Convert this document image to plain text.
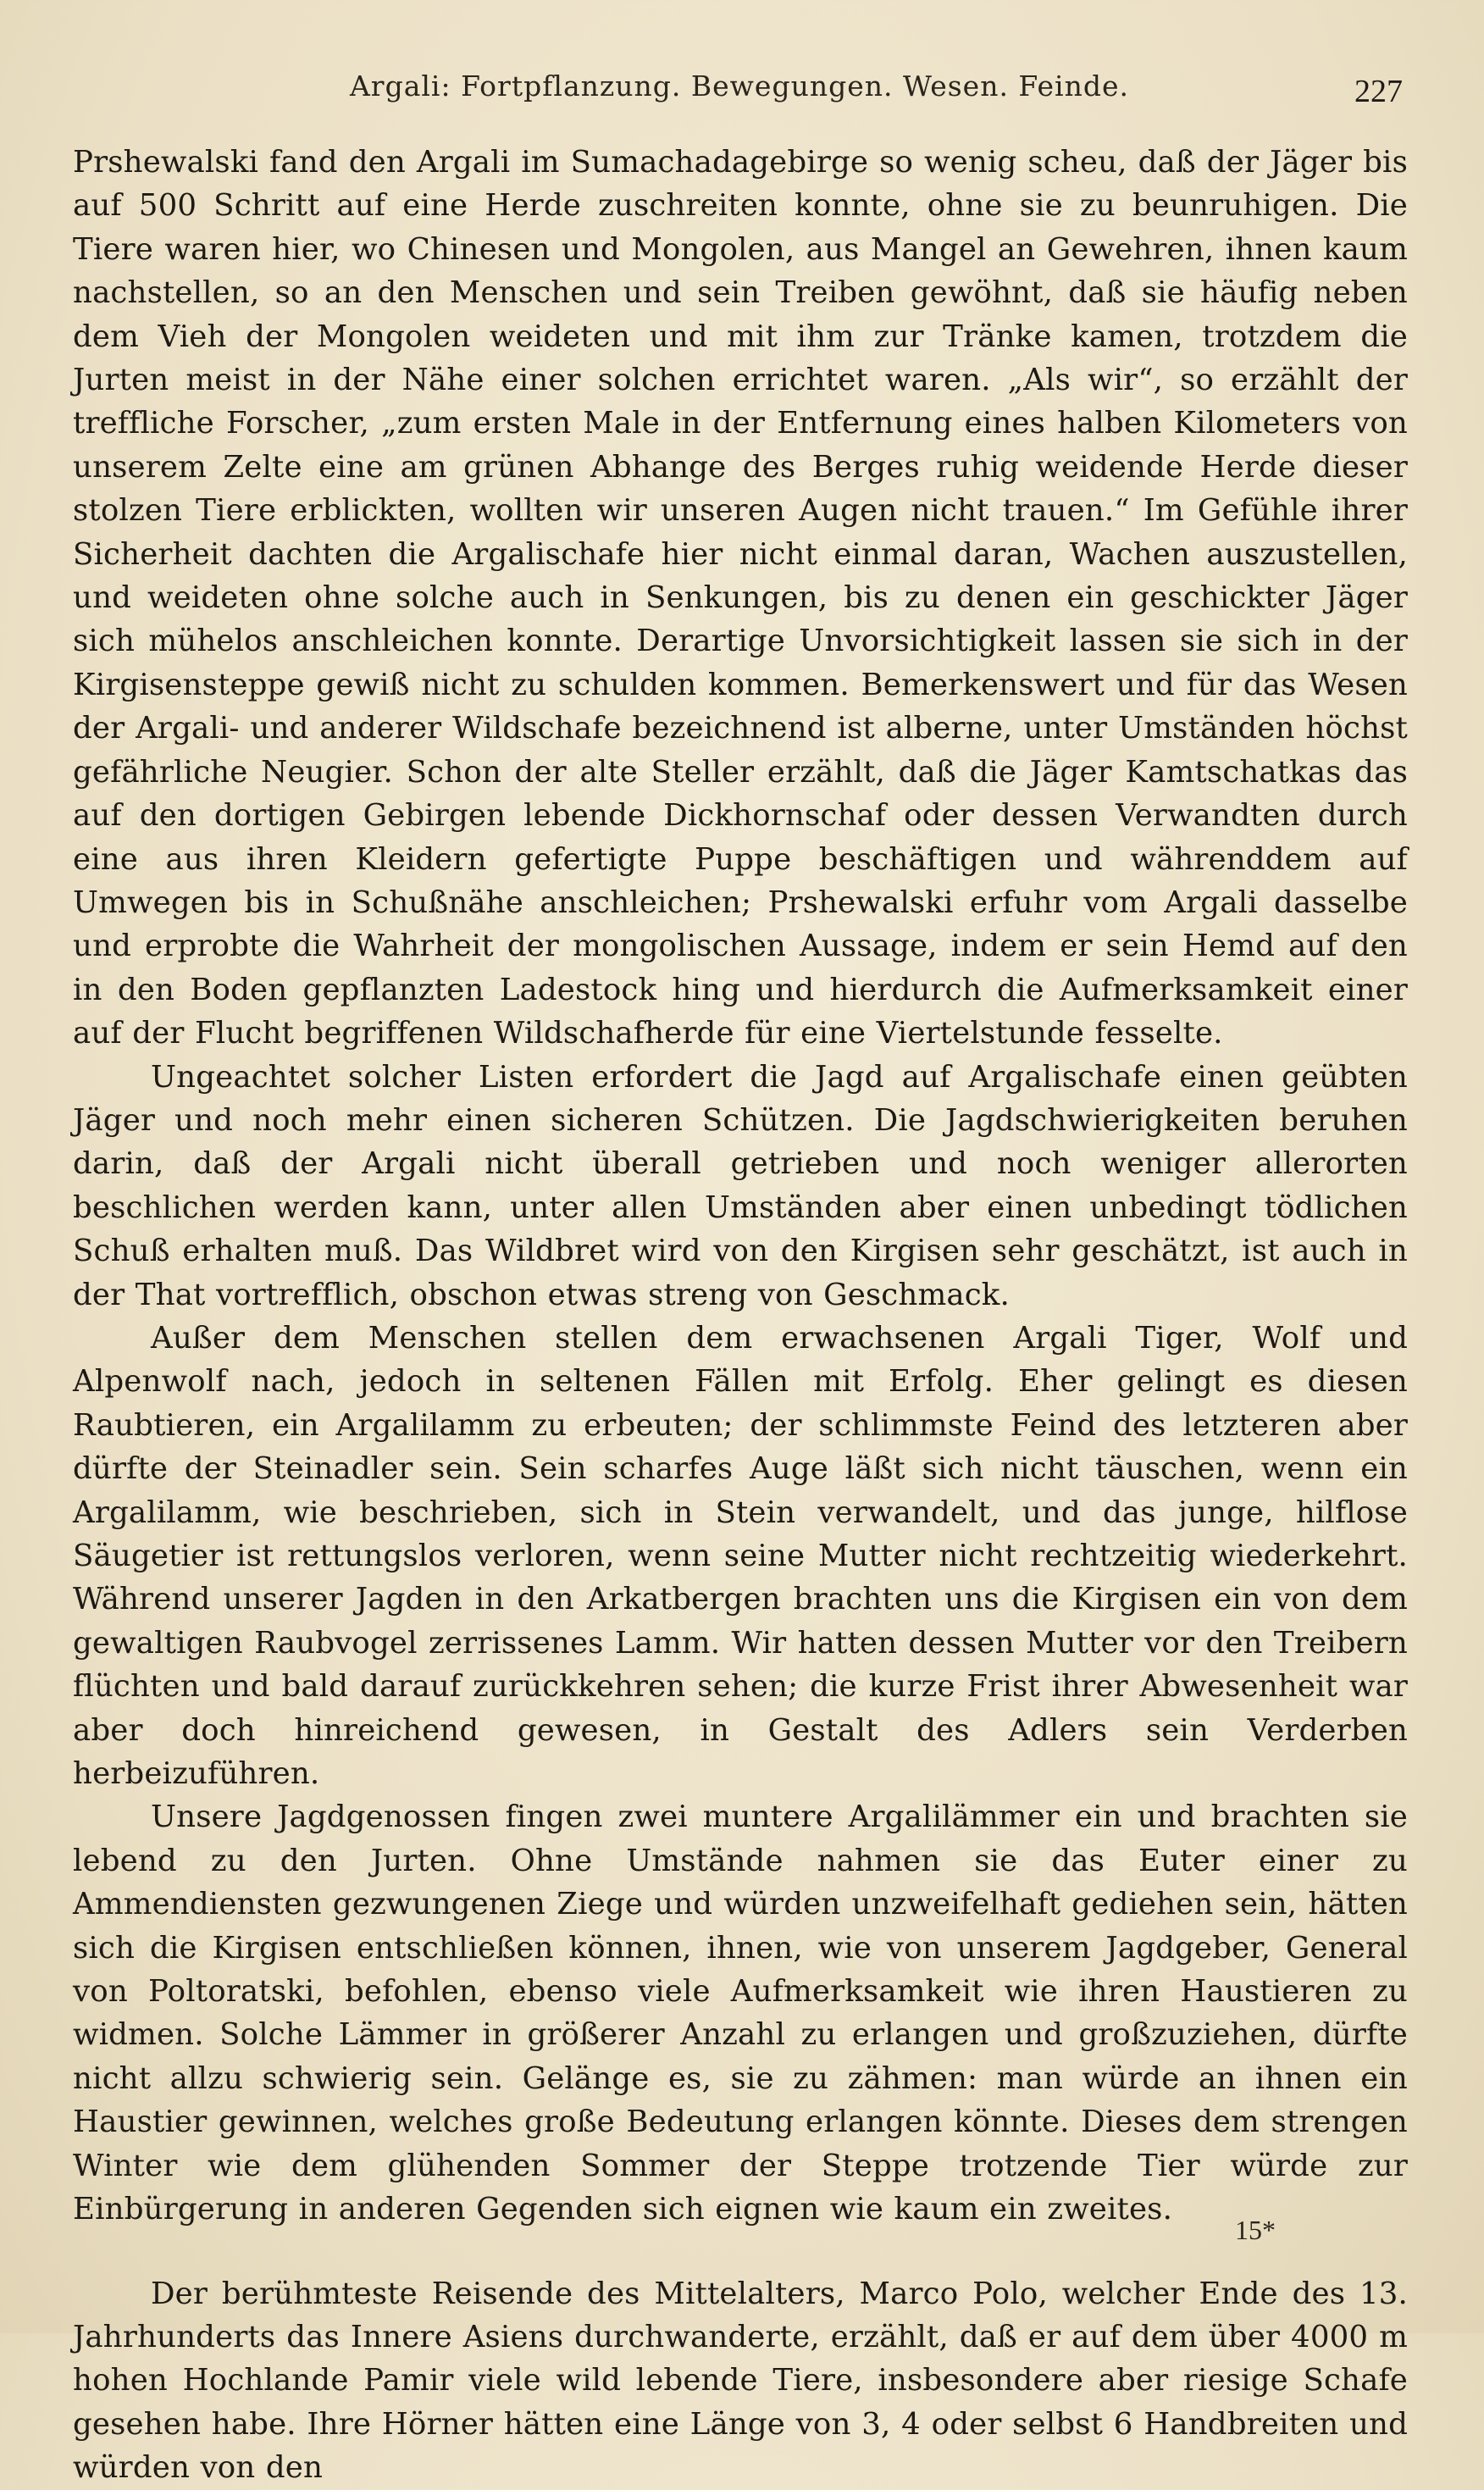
Argali: Fortpflanzung. Bewegungen. Wesen. Feinde.	227

Prshewalski fand den Argali im Sumachadagebirge so wenig scheu, daß der Jäger bis auf 500 Schritt auf eine Herde zuschreiten konnte, ohne sie zu beunruhigen. Die Tiere waren hier, wo Chinesen und Mongolen, aus Mangel an Gewehren, ihnen kaum nachstellen, so an den Menschen und sein Treiben gewöhnt, daß sie häufig neben dem Vieh der Mongolen weideten und mit ihm zur Tränke kamen, trotzdem die Jurten meist in der Nähe einer solchen errichtet waren. „Als wir“, so erzählt der treffliche Forscher, „zum ersten Male in der Entfernung eines halben Kilometers von unserem Zelte eine am grünen Abhange des Berges ruhig weidende Herde dieser stolzen Tiere erblickten, wollten wir unseren Augen nicht trauen.“ Im Gefühle ihrer Sicherheit dachten die Argalischafe hier nicht einmal daran, Wachen auszustellen, und weideten ohne solche auch in Senkungen, bis zu denen ein geschickter Jäger sich mühelos anschleichen konnte. Derartige Unvorsichtigkeit lassen sie sich in der Kirgisensteppe gewiß nicht zu schulden kommen. Bemerkenswert und für das Wesen der Argali- und anderer Wildschafe bezeichnend ist alberne, unter Umständen höchst gefährliche Neugier. Schon der alte Steller erzählt, daß die Jäger Kamtschatkas das auf den dortigen Gebirgen lebende Dickhornschaf oder dessen Verwandten durch eine aus ihren Kleidern gefertigte Puppe beschäftigen und währenddem auf Umwegen bis in Schußnähe anschleichen; Prshewalski erfuhr vom Argali dasselbe und erprobte die Wahrheit der mongolischen Aussage, indem er sein Hemd auf den in den Boden gepflanzten Ladestock hing und hierdurch die Aufmerksamkeit einer auf der Flucht begriffenen Wildschafherde für eine Viertelstunde fesselte.

Ungeachtet solcher Listen erfordert die Jagd auf Argalischafe einen geübten Jäger und noch mehr einen sicheren Schützen. Die Jagdschwierigkeiten beruhen darin, daß der Argali nicht überall getrieben und noch weniger allerorten beschlichen werden kann, unter allen Umständen aber einen unbedingt tödlichen Schuß erhalten muß. Das Wildbret wird von den Kirgisen sehr geschätzt, ist auch in der That vortrefflich, obschon etwas streng von Geschmack.

Außer dem Menschen stellen dem erwachsenen Argali Tiger, Wolf und Alpenwolf nach, jedoch in seltenen Fällen mit Erfolg. Eher gelingt es diesen Raubtieren, ein Argalilamm zu erbeuten; der schlimmste Feind des letzteren aber dürfte der Steinadler sein. Sein scharfes Auge läßt sich nicht täuschen, wenn ein Argalilamm, wie beschrieben, sich in Stein verwandelt, und das junge, hilflose Säugetier ist rettungslos verloren, wenn seine Mutter nicht rechtzeitig wiederkehrt. Während unserer Jagden in den Arkatbergen brachten uns die Kirgisen ein von dem gewaltigen Raubvogel zerrissenes Lamm. Wir hatten dessen Mutter vor den Treibern flüchten und bald darauf zurückkehren sehen; die kurze Frist ihrer Abwesenheit war aber doch hinreichend gewesen, in Gestalt des Adlers sein Verderben herbeizuführen.

Unsere Jagdgenossen fingen zwei muntere Argalilämmer ein und brachten sie lebend zu den Jurten. Ohne Umstände nahmen sie das Euter einer zu Ammendiensten gezwungenen Ziege und würden unzweifelhaft gediehen sein, hätten sich die Kirgisen entschließen können, ihnen, wie von unserem Jagdgeber, General von Poltoratski, befohlen, ebenso viele Aufmerksamkeit wie ihren Haustieren zu widmen. Solche Lämmer in größerer Anzahl zu erlangen und großzuziehen, dürfte nicht allzu schwierig sein. Gelänge es, sie zu zähmen: man würde an ihnen ein Haustier gewinnen, welches große Bedeutung erlangen könnte. Dieses dem strengen Winter wie dem glühenden Sommer der Steppe trotzende Tier würde zur Einbürgerung in anderen Gegenden sich eignen wie kaum ein zweites.

Der berühmteste Reisende des Mittelalters, Marco Polo, welcher Ende des 13. Jahrhunderts das Innere Asiens durchwanderte, erzählt, daß er auf dem über 4000 m hohen Hochlande Pamir viele wild lebende Tiere, insbesondere aber riesige Schafe gesehen habe. Ihre Hörner hätten eine Länge von 3, 4 oder selbst 6 Handbreiten und würden von den

15*
